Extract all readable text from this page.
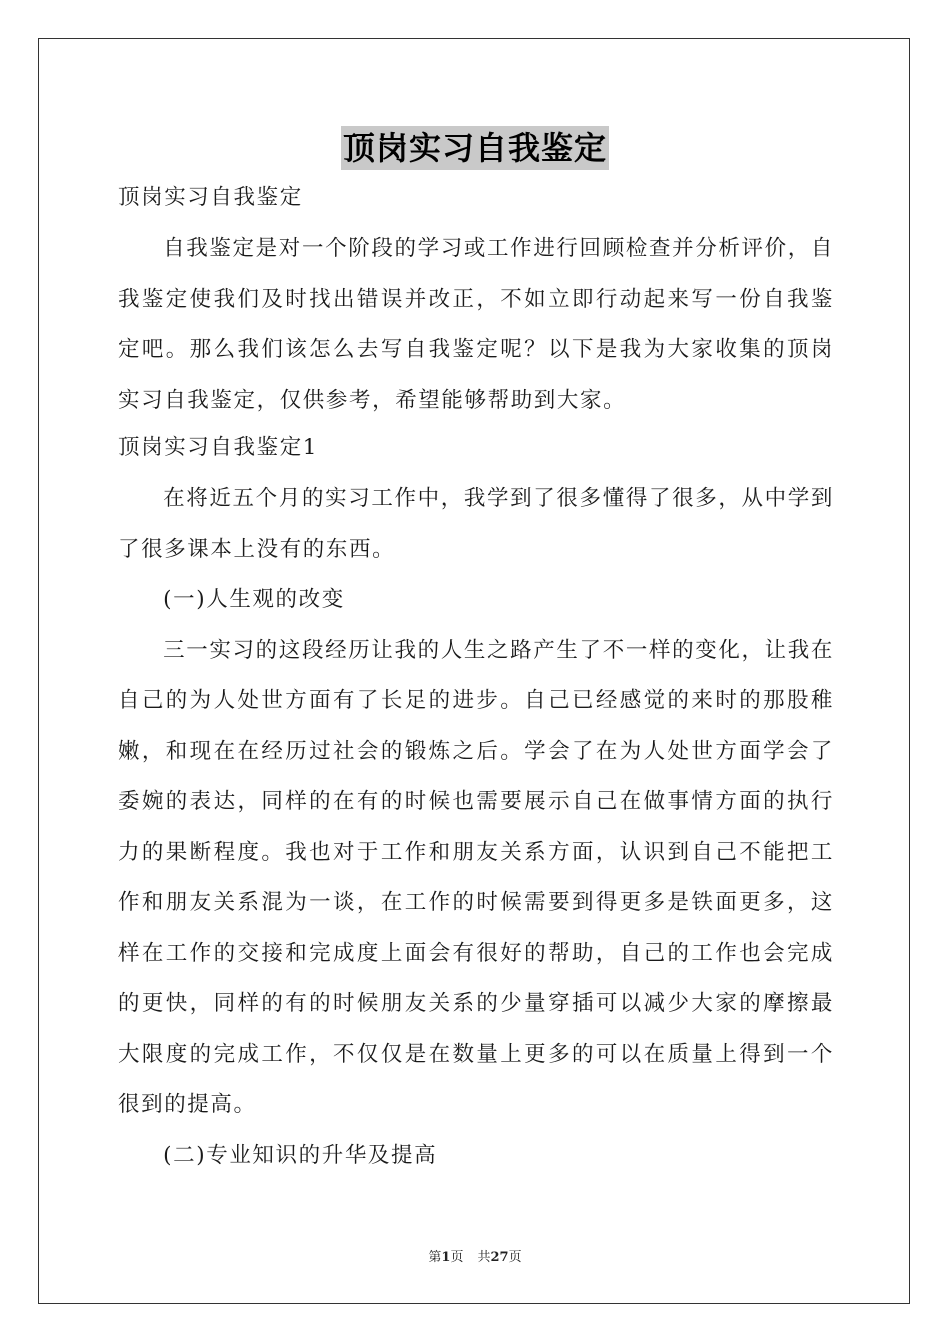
顶岗实习自我鉴定

顶岗实习自我鉴定

自我鉴定是对一个阶段的学习或工作进行回顾检查并分析评价，自我鉴定使我们及时找出错误并改正，不如立即行动起来写一份自我鉴定吧。那么我们该怎么去写自我鉴定呢？以下是我为大家收集的顶岗实习自我鉴定，仅供参考，希望能够帮助到大家。

顶岗实习自我鉴定1

在将近五个月的实习工作中，我学到了很多懂得了很多，从中学到了很多课本上没有的东西。

(一)人生观的改变

三一实习的这段经历让我的人生之路产生了不一样的变化，让我在自己的为人处世方面有了长足的进步。自己已经感觉的来时的那股稚嫩，和现在在经历过社会的锻炼之后。学会了在为人处世方面学会了委婉的表达，同样的在有的时候也需要展示自己在做事情方面的执行力的果断程度。我也对于工作和朋友关系方面，认识到自己不能把工作和朋友关系混为一谈，在工作的时候需要到得更多是铁面更多，这样在工作的交接和完成度上面会有很好的帮助，自己的工作也会完成的更快，同样的有的时候朋友关系的少量穿插可以减少大家的摩擦最大限度的完成工作，不仅仅是在数量上更多的可以在质量上得到一个很到的提高。

(二)专业知识的升华及提高

第1页 共27页
